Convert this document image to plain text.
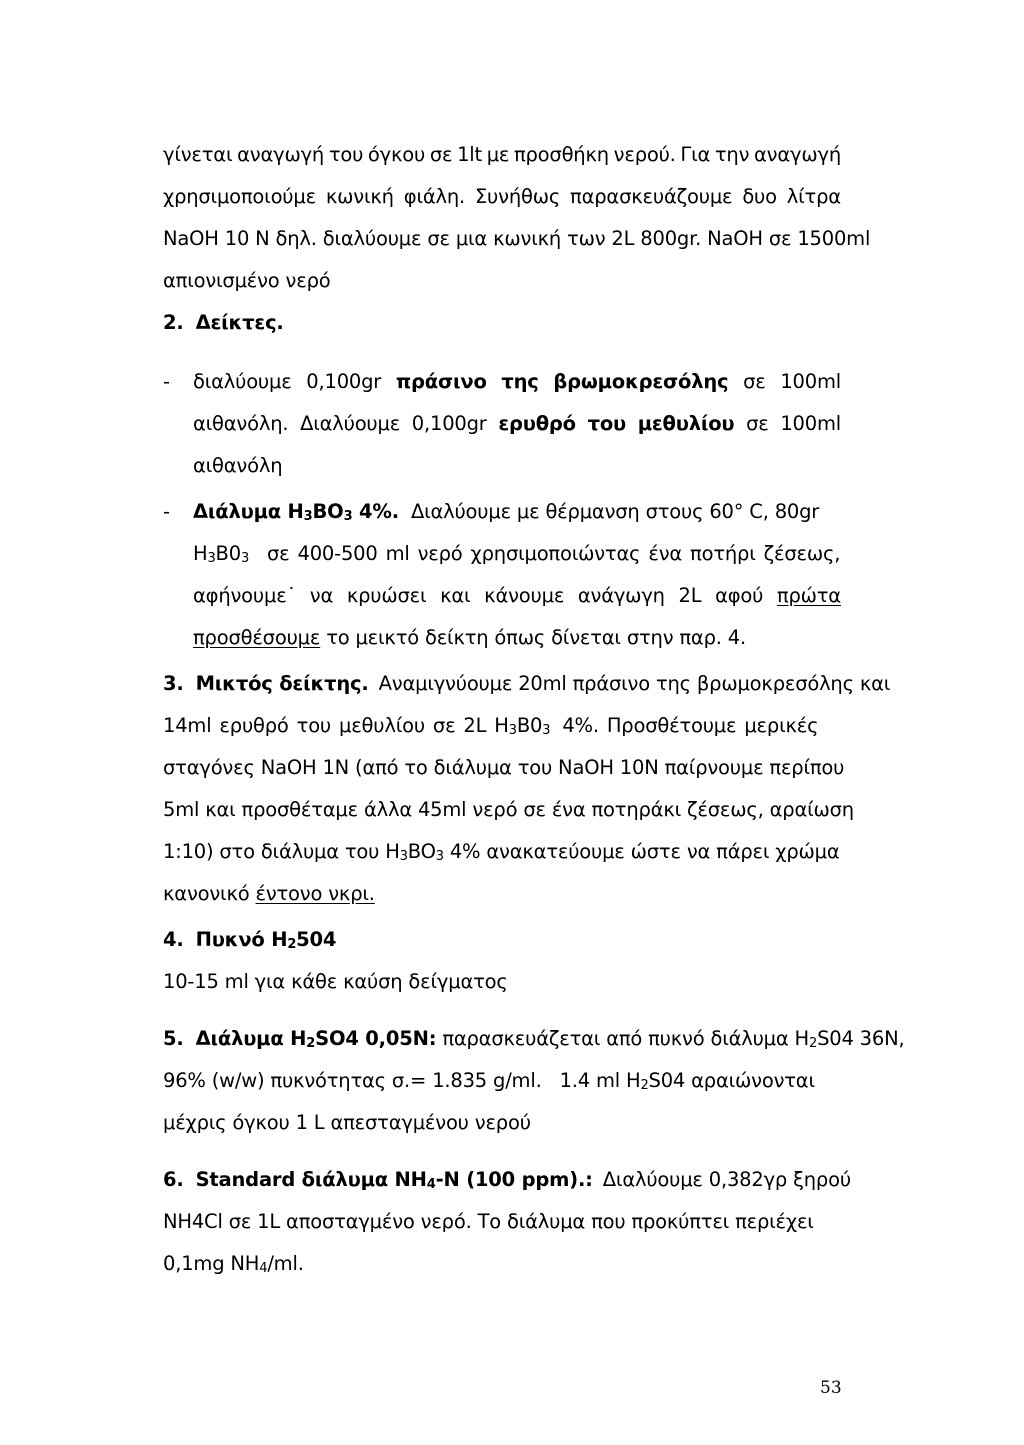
γίνεται αναγωγή του όγκου σε 1lt με προσθήκη νερού. Για την αναγωγή
χρησιμοποιούμε κωνική φιάλη. Συνήθως παρασκευάζουμε δυο λίτρα
NaOH 10 N δηλ. διαλύουμε σε μια κωνική των 2L 800gr. NaOH σε 1500ml
απιονισμένο νερό
2. Δείκτες.
-	διαλύουμε 0,100gr πράσινο της βρωμοκρεσόλης σε 100ml
αιθανόλη. Διαλύουμε 0,100gr ερυθρό του μεθυλίου σε 100ml
αιθανόλη
-	Διάλυμα $H_3BO_3$ 4%. Διαλύουμε με θέρμανση στους 60° C, 80gr
$H_3B0_3$ σε 400-500 ml νερό χρησιμοποιώντας ένα ποτήρι ζέσεως,
αφήνουμε˙ να κρυώσει και κάνουμε ανάγωγη 2L αφού πρώτα
προσθέσουμε το μεικτό δείκτη όπως δίνεται στην παρ. 4.
3. Μικτός δείκτης. Αναμιγνύουμε 20ml πράσινο της βρωμοκρεσόλης και
14ml ερυθρό του μεθυλίου σε 2L $H_3B0_3$ 4%. Προσθέτουμε μερικές
σταγόνες NaOH 1N (από το διάλυμα του NaOH 10N παίρνουμε περίπου
5ml και προσθέταμε άλλα 45ml νερό σε ένα ποτηράκι ζέσεως, αραίωση
1:10) στο διάλυμα του $H_3BO_3$ 4% ανακατεύουμε ώστε να πάρει χρώμα
κανονικό έντονο νκρι.
4. Πυκνό $H_2504$
10-15 ml για κάθε καύση δείγματος
5. Διάλυμα $H_2SO4$ 0,05N: παρασκευάζεται από πυκνό διάλυμα $H_2S04$ 36N,
96% (w/w) πυκνότητας σ.= 1.835 g/ml. 1.4 ml $H_2S04$ αραιώνονται
μέχρις όγκου 1 L απεσταγμένου νερού
6. Standard διάλυμα $NH_4-N$ (100 ppm).: Διαλύουμε 0,382γρ ξηρού
NH4Cl σε 1L αποσταγμένο νερό. Το διάλυμα που προκύπτει περιέχει
0,1mg $NH_4/ml$.
53
